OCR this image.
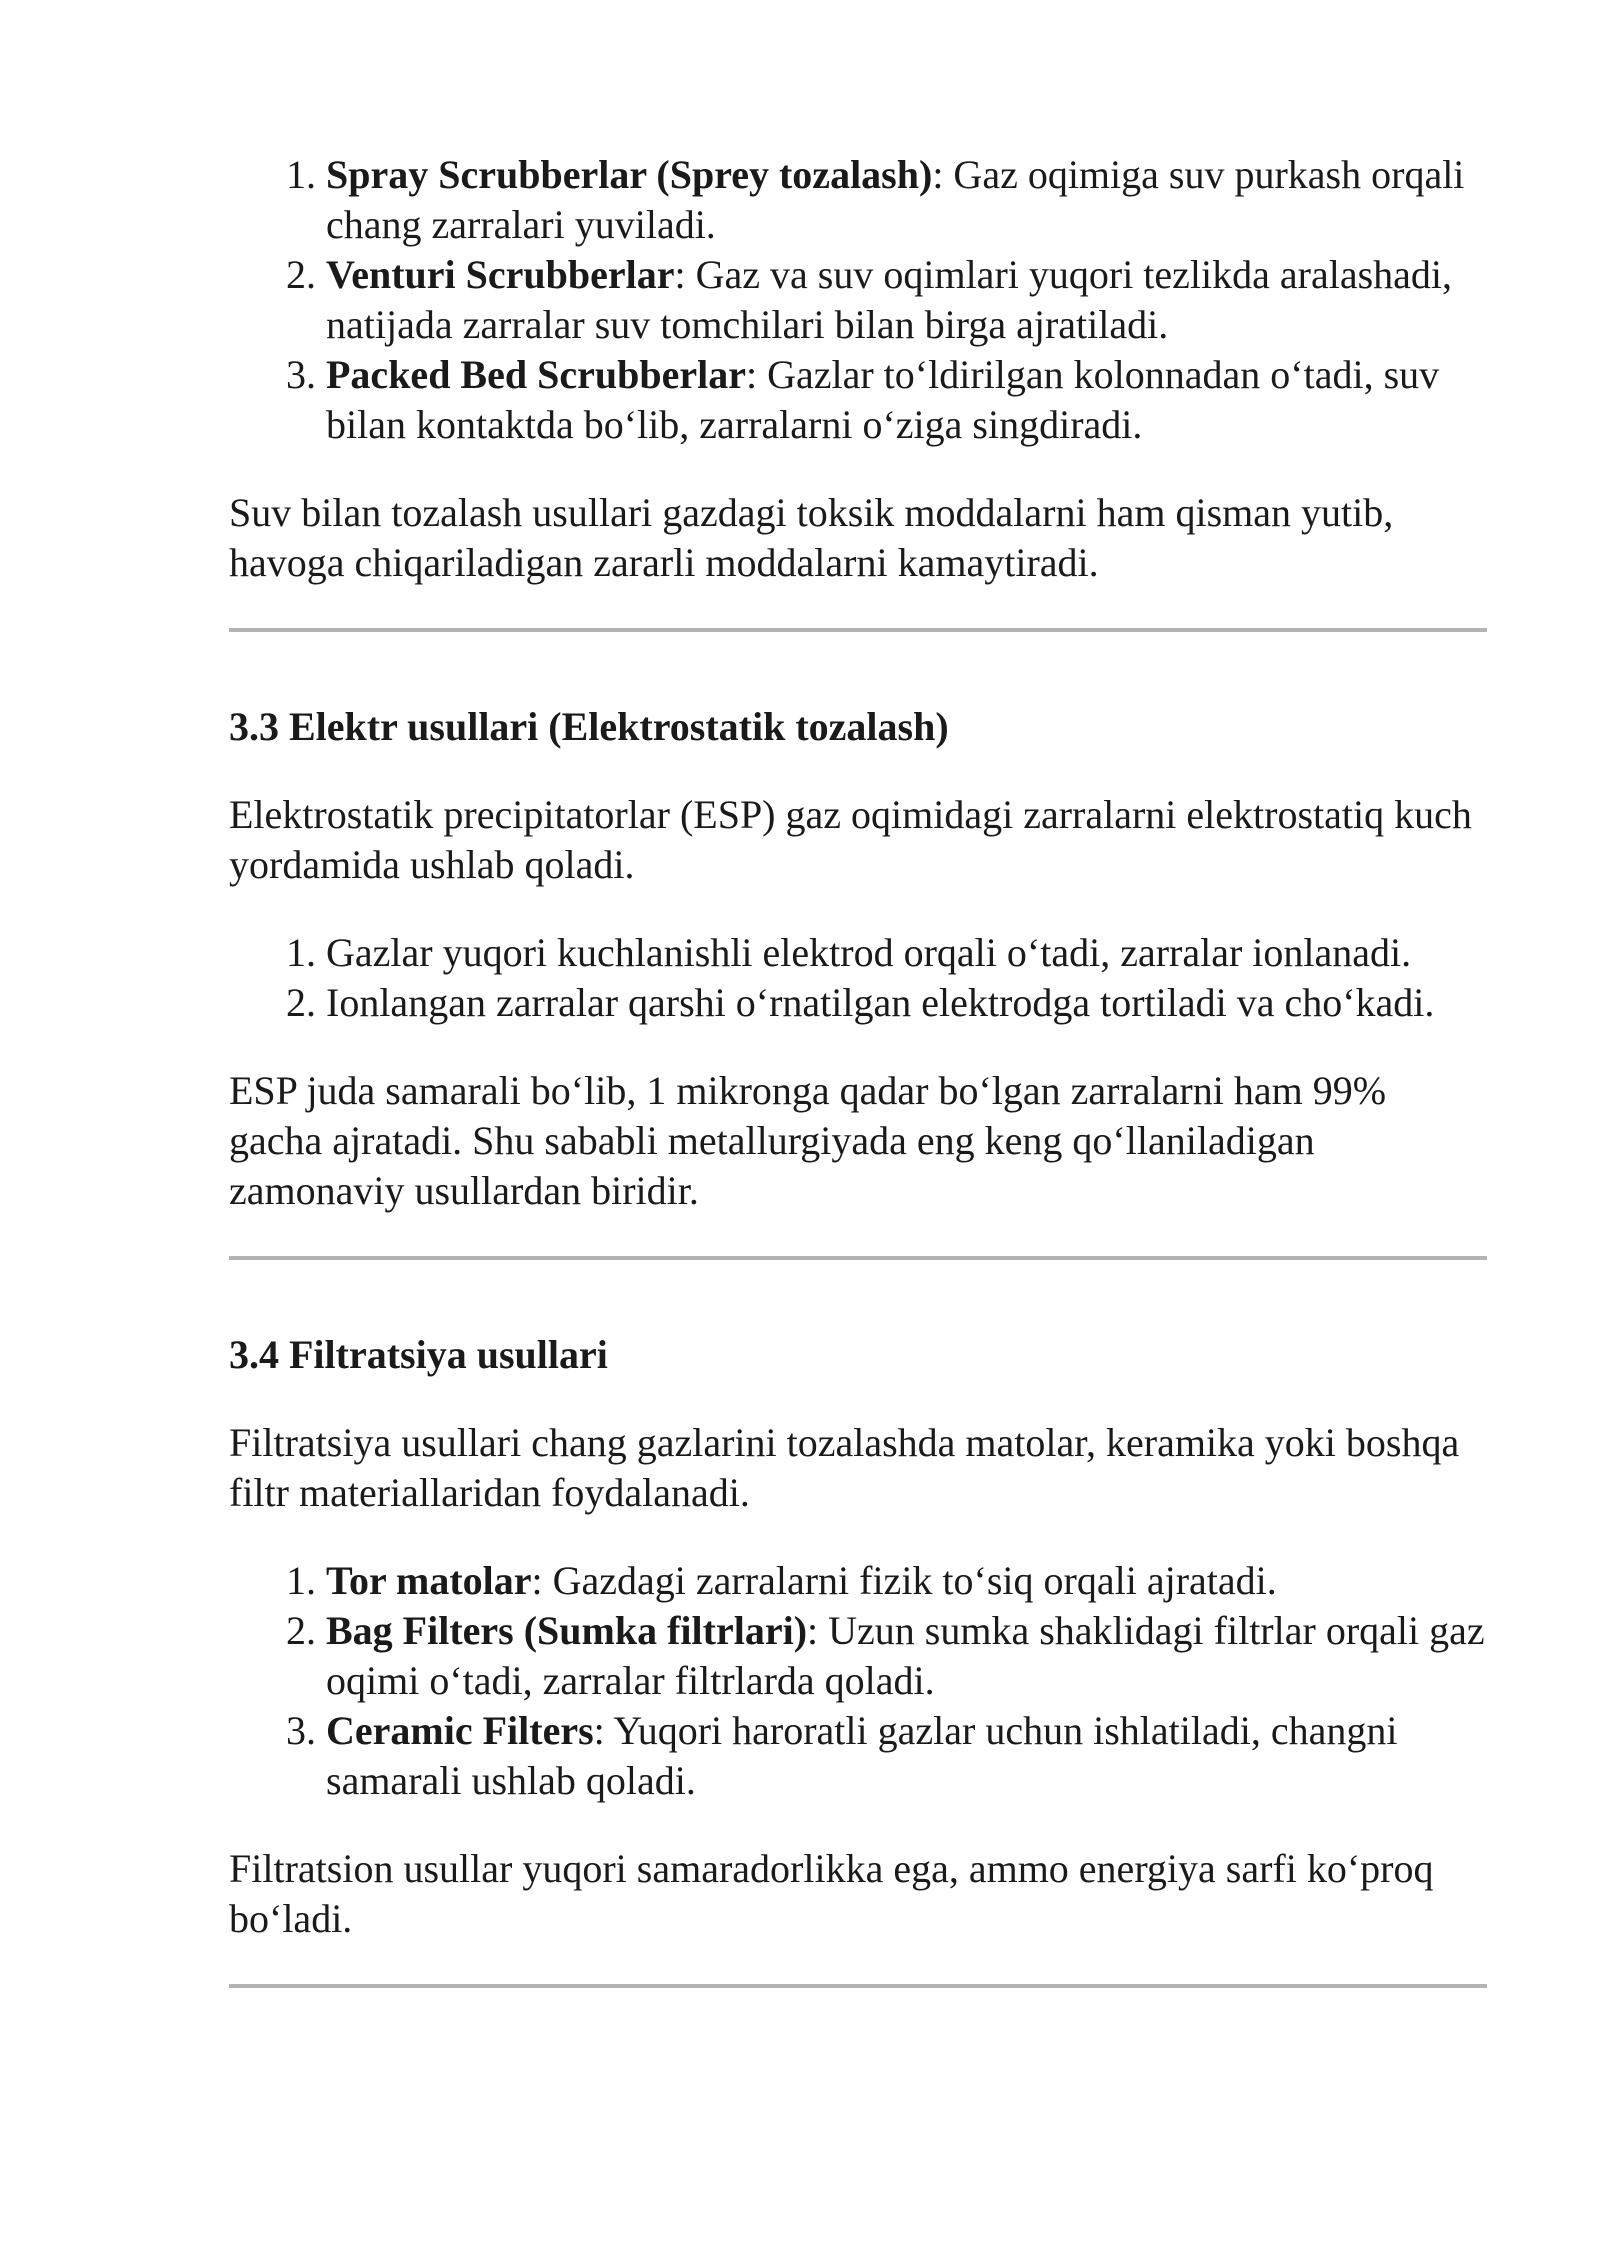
1. Spray Scrubberlar (Sprey tozalash): Gaz oqimiga suv purkash orqali chang zarralari yuviladi.
2. Venturi Scrubberlar: Gaz va suv oqimlari yuqori tezlikda aralashadi, natijada zarralar suv tomchilari bilan birga ajratiladi.
3. Packed Bed Scrubberlar: Gazlar to‘ldirilgan kolonnadan o‘tadi, suv bilan kontaktda bo‘lib, zarralarni o‘ziga singdiradi.

Suv bilan tozalash usullari gazdagi toksik moddalarni ham qisman yutib, havoga chiqariladigan zararli moddalarni kamaytiradi.

3.3 Elektr usullari (Elektrostatik tozalash)

Elektrostatik precipitatorlar (ESP) gaz oqimidagi zarralarni elektrostatiq kuch yordamida ushlab qoladi.

1. Gazlar yuqori kuchlanishli elektrod orqali o‘tadi, zarralar ionlanadi.
2. Ionlangan zarralar qarshi o‘rnatilgan elektrodga tortiladi va cho‘kadi.

ESP juda samarali bo‘lib, 1 mikronga qadar bo‘lgan zarralarni ham 99% gacha ajratadi. Shu sababli metallurgiyada eng keng qo‘llaniladigan zamonaviy usullardan biridir.

3.4 Filtratsiya usullari

Filtratsiya usullari chang gazlarini tozalashda matolar, keramika yoki boshqa filtr materiallaridan foydalanadi.

1. Tor matolar: Gazdagi zarralarni fizik to‘siq orqali ajratadi.
2. Bag Filters (Sumka filtrlari): Uzun sumka shaklidagi filtrlar orqali gaz oqimi o‘tadi, zarralar filtrlarda qoladi.
3. Ceramic Filters: Yuqori haroratli gazlar uchun ishlatiladi, changni samarali ushlab qoladi.

Filtratsion usullar yuqori samaradorlikka ega, ammo energiya sarfi ko‘proq bo‘ladi.
